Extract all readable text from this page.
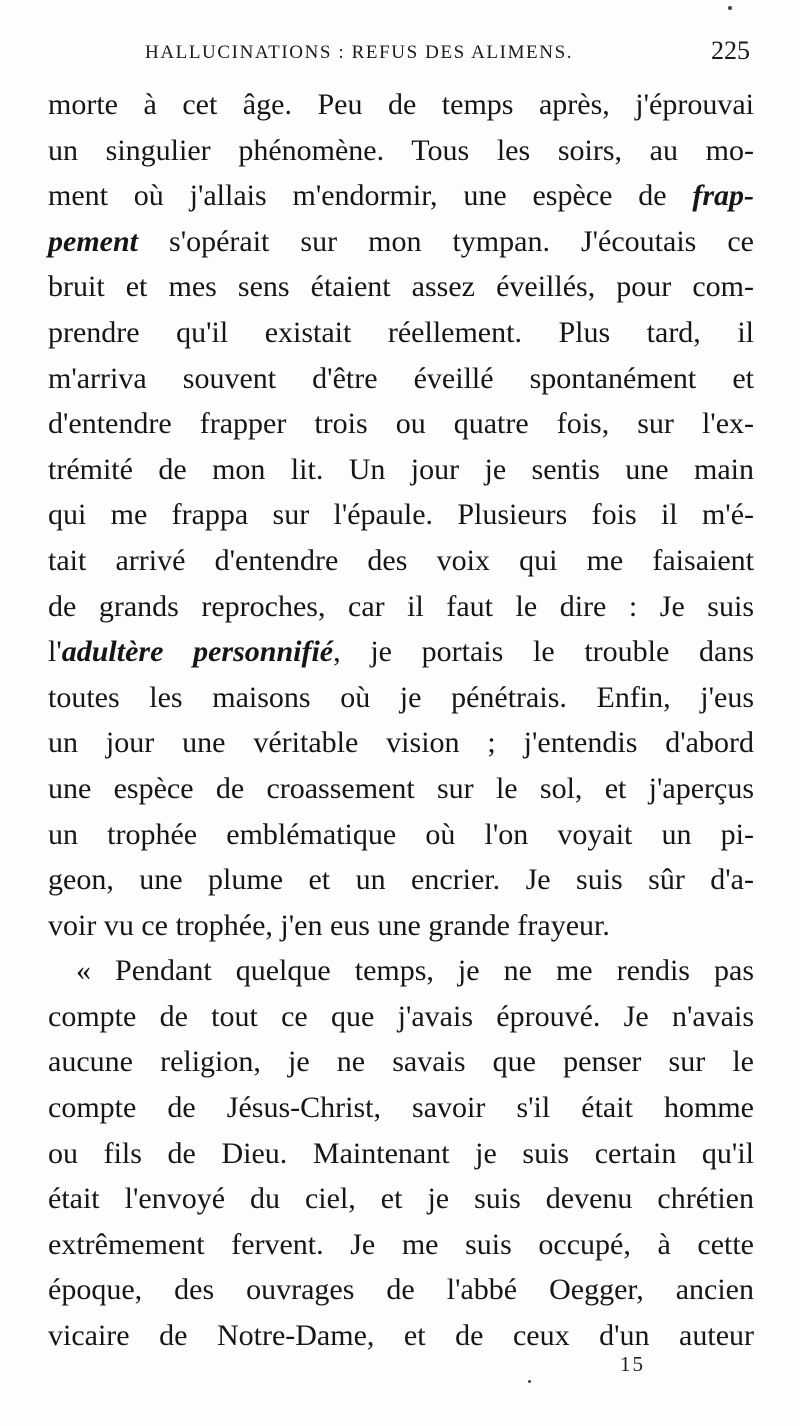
HALLUCINATIONS : REFUS DES ALIMENS.	225
morte à cet âge. Peu de temps après, j'éprouvai
un singulier phénomène. Tous les soirs, au mo-
ment où j'allais m'endormir, une espèce de frap-
pement s'opérait sur mon tympan. J'écoutais ce
bruit et mes sens étaient assez éveillés, pour com-
prendre qu'il existait réellement. Plus tard, il
m'arriva souvent d'être éveillé spontanément et
d'entendre frapper trois ou quatre fois, sur l'ex-
trémité de mon lit. Un jour je sentis une main
qui me frappa sur l'épaule. Plusieurs fois il m'é-
tait arrivé d'entendre des voix qui me faisaient
de grands reproches, car il faut le dire : Je suis
l'adultère personnifié, je portais le trouble dans
toutes les maisons où je pénétrais. Enfin, j'eus
un jour une véritable vision ; j'entendis d'abord
une espèce de croassement sur le sol, et j'aperçus
un trophée emblématique où l'on voyait un pi-
geon, une plume et un encrier. Je suis sûr d'a-
voir vu ce trophée, j'en eus une grande frayeur.
« Pendant quelque temps, je ne me rendis pas
compte de tout ce que j'avais éprouvé. Je n'avais
aucune religion, je ne savais que penser sur le
compte de Jésus-Christ, savoir s'il était homme
ou fils de Dieu. Maintenant je suis certain qu'il
était l'envoyé du ciel, et je suis devenu chrétien
extrêmement fervent. Je me suis occupé, à cette
époque, des ouvrages de l'abbé Oegger, ancien
vicaire de Notre-Dame, et de ceux d'un auteur
15
